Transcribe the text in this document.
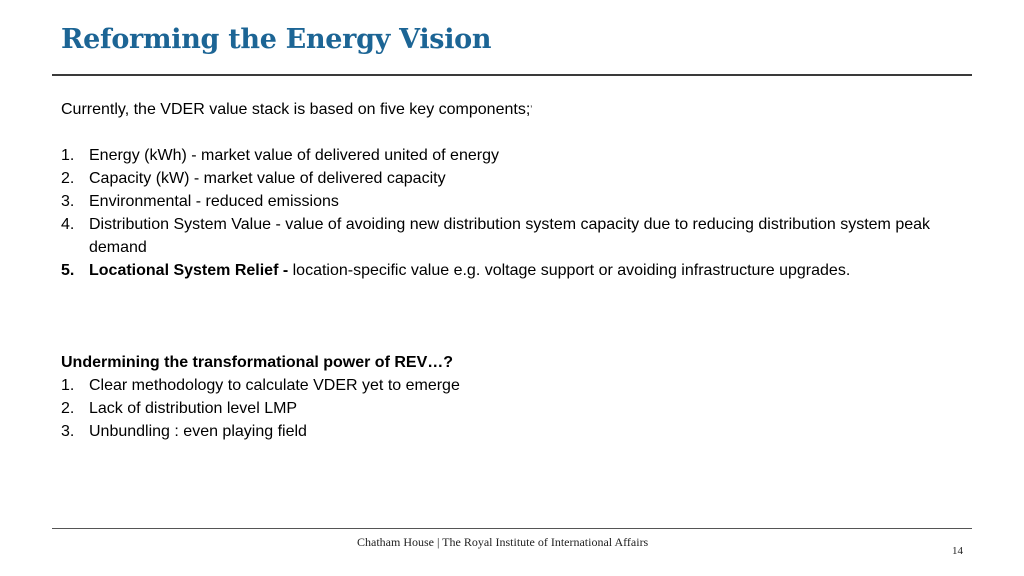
Reforming the Energy Vision

Currently, the VDER value stack is based on five key components;’

1. Energy (kWh) - market value of delivered united of energy
2. Capacity (kW) - market value of delivered capacity
3. Environmental - reduced emissions
4. Distribution System Value - value of avoiding new distribution system capacity due to reducing distribution system peak demand
5. Locational System Relief - location-specific value e.g. voltage support or avoiding infrastructure upgrades.

Undermining the transformational power of REV…?

1. Clear methodology to calculate VDER yet to emerge
2. Lack of distribution level LMP
3. Unbundling : even playing field
Chatham House | The Royal Institute of International Affairs
14
